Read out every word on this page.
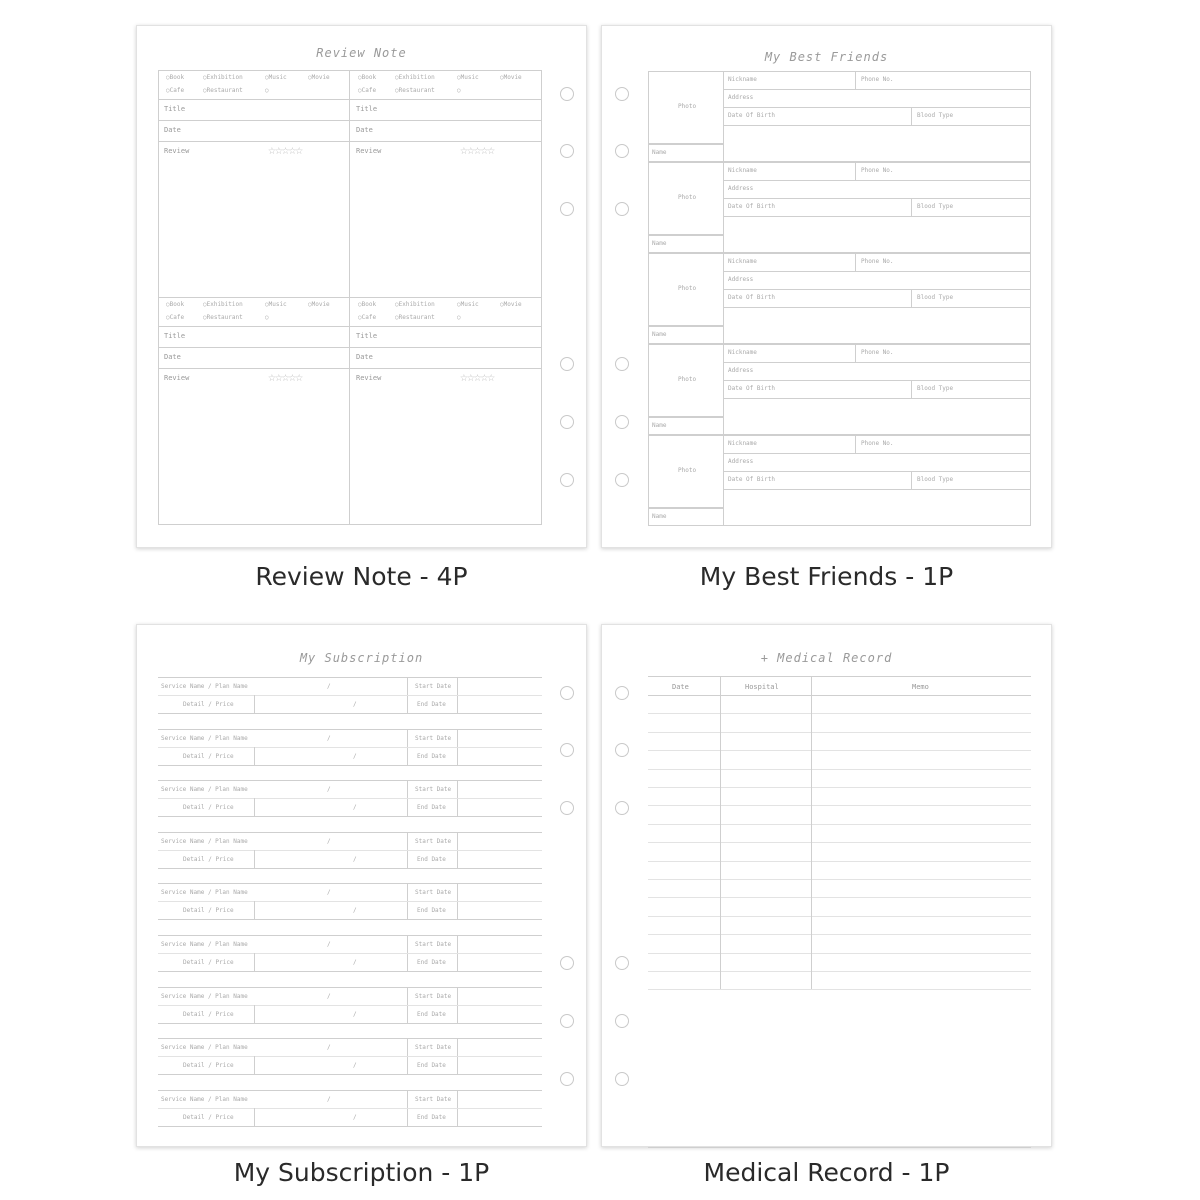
Review Note
○Book	○Exhibition	○Music	○Movie
○Cafe	○Restaurant	○
Title
Date
Review	☆☆☆☆☆
○Book	○Exhibition	○Music	○Movie
○Cafe	○Restaurant	○
Title
Date
Review	☆☆☆☆☆
○Book	○Exhibition	○Music	○Movie
○Cafe	○Restaurant	○
Title
Date
Review	☆☆☆☆☆
○Book	○Exhibition	○Music	○Movie
○Cafe	○Restaurant	○
Title
Date
Review	☆☆☆☆☆
Review Note - 4P
My Best Friends
Photo
Name
Nickname	Phone No.
Address
Date Of Birth	Blood Type
Photo
Name
Nickname	Phone No.
Address
Date Of Birth	Blood Type
Photo
Name
Nickname	Phone No.
Address
Date Of Birth	Blood Type
Photo
Name
Nickname	Phone No.
Address
Date Of Birth	Blood Type
Photo
Name
Nickname	Phone No.
Address
Date Of Birth	Blood Type
My Best Friends - 1P
My Subscription
Service Name / Plan Name	/	Start Date
Detail / Price	/	End Date
Service Name / Plan Name	/	Start Date
Detail / Price	/	End Date
Service Name / Plan Name	/	Start Date
Detail / Price	/	End Date
Service Name / Plan Name	/	Start Date
Detail / Price	/	End Date
Service Name / Plan Name	/	Start Date
Detail / Price	/	End Date
Service Name / Plan Name	/	Start Date
Detail / Price	/	End Date
Service Name / Plan Name	/	Start Date
Detail / Price	/	End Date
Service Name / Plan Name	/	Start Date
Detail / Price	/	End Date
Service Name / Plan Name	/	Start Date
Detail / Price	/	End Date
My Subscription - 1P
+ Medical Record
Date	Hospital	Memo
Medical Record - 1P
